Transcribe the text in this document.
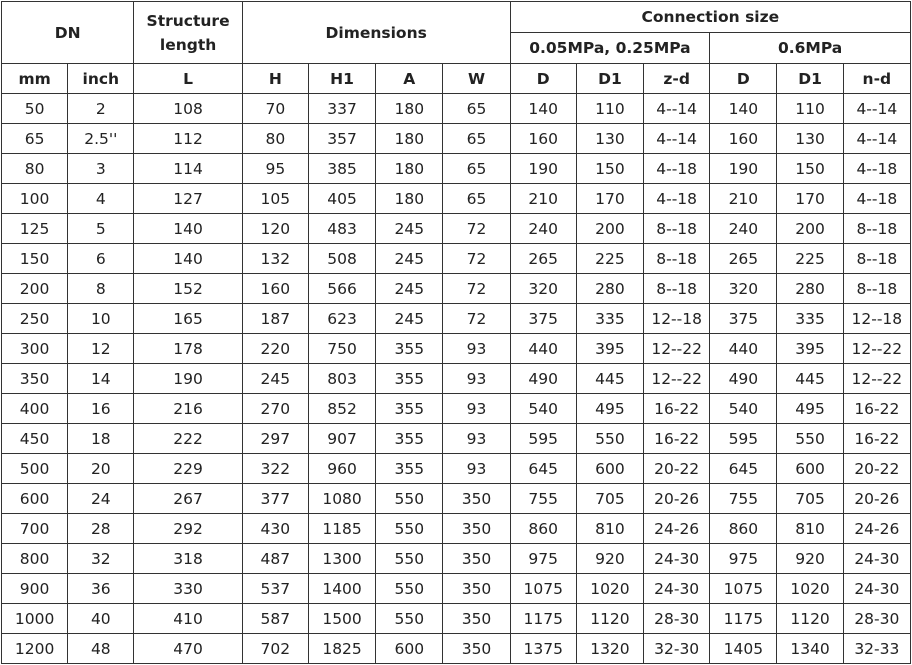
DN		Structure length	Dimensions				Connection size					
							0.05MPa, 0.25MPa			0.6MPa		
mm	inch	L	H	H1	A	W	D	D1	z-d	D	D1	n-d
50	2	108	70	337	180	65	140	110	4--14	140	110	4--14
65	2.5''	112	80	357	180	65	160	130	4--14	160	130	4--14
80	3	114	95	385	180	65	190	150	4--18	190	150	4--18
100	4	127	105	405	180	65	210	170	4--18	210	170	4--18
125	5	140	120	483	245	72	240	200	8--18	240	200	8--18
150	6	140	132	508	245	72	265	225	8--18	265	225	8--18
200	8	152	160	566	245	72	320	280	8--18	320	280	8--18
250	10	165	187	623	245	72	375	335	12--18	375	335	12--18
300	12	178	220	750	355	93	440	395	12--22	440	395	12--22
350	14	190	245	803	355	93	490	445	12--22	490	445	12--22
400	16	216	270	852	355	93	540	495	16-22	540	495	16-22
450	18	222	297	907	355	93	595	550	16-22	595	550	16-22
500	20	229	322	960	355	93	645	600	20-22	645	600	20-22
600	24	267	377	1080	550	350	755	705	20-26	755	705	20-26
700	28	292	430	1185	550	350	860	810	24-26	860	810	24-26
800	32	318	487	1300	550	350	975	920	24-30	975	920	24-30
900	36	330	537	1400	550	350	1075	1020	24-30	1075	1020	24-30
1000	40	410	587	1500	550	350	1175	1120	28-30	1175	1120	28-30
1200	48	470	702	1825	600	350	1375	1320	32-30	1405	1340	32-33
